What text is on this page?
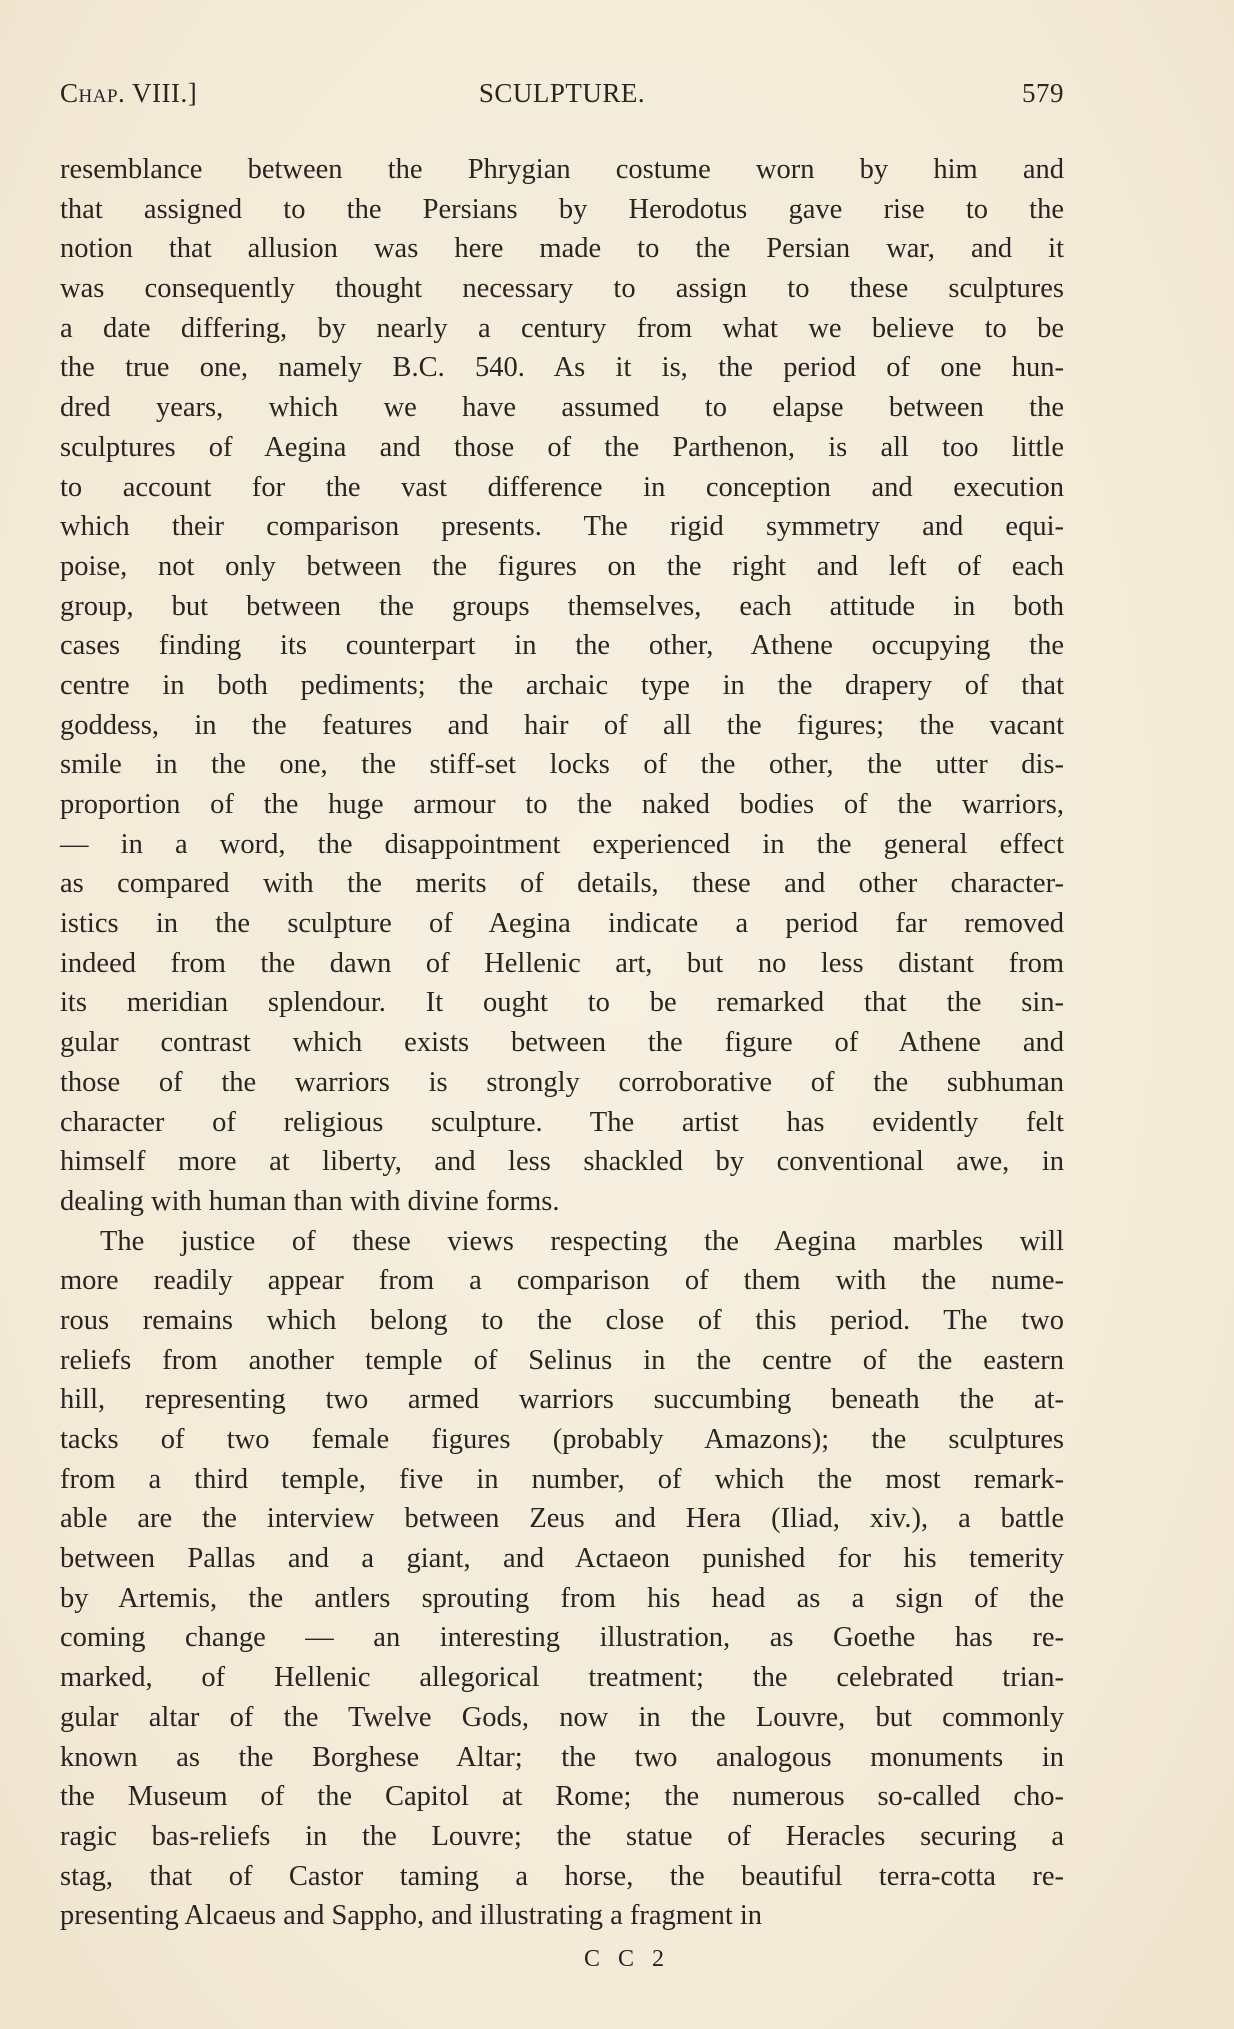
Chap. VIII.]	SCULPTURE.	579
resemblance between the Phrygian costume worn by him and
that assigned to the Persians by Herodotus gave rise to the
notion that allusion was here made to the Persian war, and it
was consequently thought necessary to assign to these sculptures
a date differing, by nearly a century from what we believe to be
the true one, namely B.C. 540. As it is, the period of one hun-
dred years, which we have assumed to elapse between the
sculptures of Aegina and those of the Parthenon, is all too little
to account for the vast difference in conception and execution
which their comparison presents. The rigid symmetry and equi-
poise, not only between the figures on the right and left of each
group, but between the groups themselves, each attitude in both
cases finding its counterpart in the other, Athene occupying the
centre in both pediments; the archaic type in the drapery of that
goddess, in the features and hair of all the figures; the vacant
smile in the one, the stiff-set locks of the other, the utter dis-
proportion of the huge armour to the naked bodies of the warriors,
— in a word, the disappointment experienced in the general effect
as compared with the merits of details, these and other character-
istics in the sculpture of Aegina indicate a period far removed
indeed from the dawn of Hellenic art, but no less distant from
its meridian splendour. It ought to be remarked that the sin-
gular contrast which exists between the figure of Athene and
those of the warriors is strongly corroborative of the subhuman
character of religious sculpture. The artist has evidently felt
himself more at liberty, and less shackled by conventional awe, in
dealing with human than with divine forms.
The justice of these views respecting the Aegina marbles will
more readily appear from a comparison of them with the nume-
rous remains which belong to the close of this period. The two
reliefs from another temple of Selinus in the centre of the eastern
hill, representing two armed warriors succumbing beneath the at-
tacks of two female figures (probably Amazons); the sculptures
from a third temple, five in number, of which the most remark-
able are the interview between Zeus and Hera (Iliad, xiv.), a battle
between Pallas and a giant, and Actaeon punished for his temerity
by Artemis, the antlers sprouting from his head as a sign of the
coming change — an interesting illustration, as Goethe has re-
marked, of Hellenic allegorical treatment; the celebrated trian-
gular altar of the Twelve Gods, now in the Louvre, but commonly
known as the Borghese Altar; the two analogous monuments in
the Museum of the Capitol at Rome; the numerous so-called cho-
ragic bas-reliefs in the Louvre; the statue of Heracles securing a
stag, that of Castor taming a horse, the beautiful terra-cotta re-
presenting Alcaeus and Sappho, and illustrating a fragment in
C C 2
